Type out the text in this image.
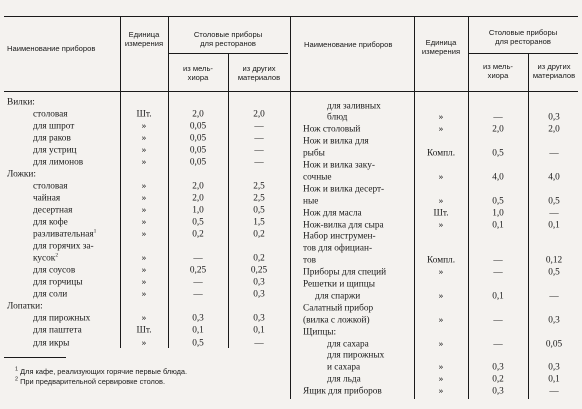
Наименование приборов
Единица
измерения
Столовые приборы
для ресторанов
из мель-
хиора
из других
материалов
Наименование приборов	Единица
измерения
Столовые приборы
для ресторанов
из мель-
хиора
из других
материалов
Вилки:
столовая	Шт.	2,0	2,0
для шпрот	»	0,05	—
для раков	»	0,05	—
для устриц	»	0,05	—
для лимонов	»	0,05	—
Ложки:
столовая	»	2,0	2,5
чайная	»	2,0	2,5
десертная	»	1,0	0,5
для кофе	»	0,5	1,5
разливательная$^1$	»	0,2	0,2
для горячих за-
кусок$^2$	»	—	0,2
для соусов	»	0,25	0,25
для горчицы	»	—	0,3
для соли	»	—	0,3
Лопатки:
для пирожных	»	0,3	0,3
для паштета	Шт.	0,1	0,1
для икры	»	0,5	—
для заливных
блюд	»	—	0,3
Нож столовый	»	2,0	2,0
Нож и вилка для
рыбы	Компл.	0,5	—
Нож и вилка заку-
сочные	»	4,0	4,0
Нож и вилка десерт-
ные	»	0,5	0,5
Нож для масла	Шт.	1,0	—
Нож-вилка для сыра	»	0,1	0,1
Набор инструмен-
тов для официан-
тов	Компл.	—	0,12
Приборы для специй	»	—	0,5
Решетки и щипцы
для спаржи	»	0,1	—
Салатный прибор
(вилка с ложкой)	»	—	0,3
Щипцы:
для сахара	»	—	0,05
для пирожных
и сахара	»	0,3	0,3
для льда	»	0,2	0,1
Ящик для приборов	»	0,3	—
$^1$ Для кафе, реализующих горячие первые блюда.
$^2$ При предварительной сервировке столов.
